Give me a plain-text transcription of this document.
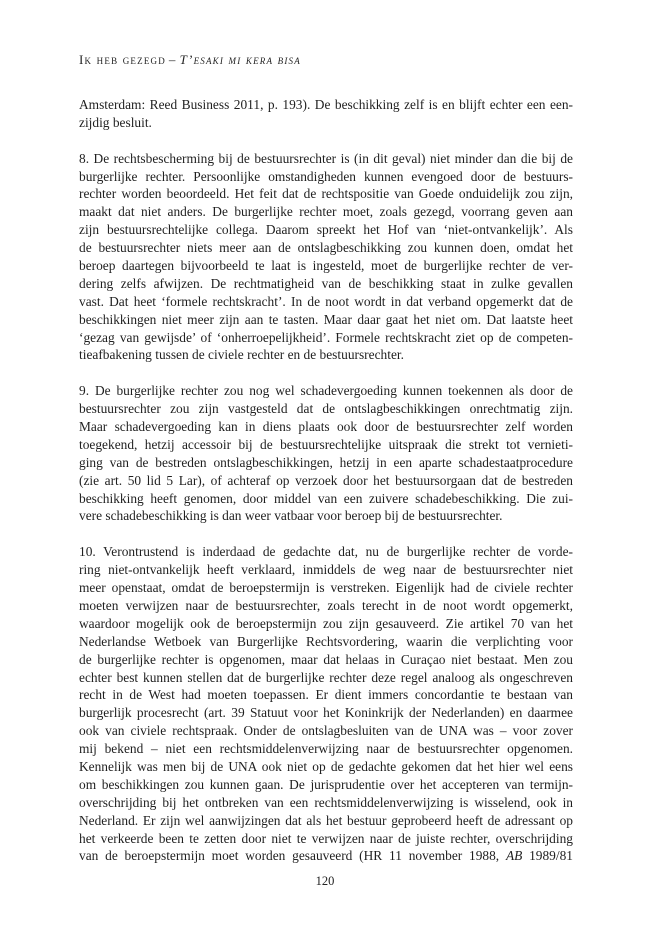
Ik heb gezegd – T’esaki mi kera bisa
Amsterdam: Reed Business 2011, p. 193). De beschikking zelf is en blijft echter een een-
zijdig besluit.
8. De rechtsbescherming bij de bestuursrechter is (in dit geval) niet minder dan die bij de
burgerlijke rechter. Persoonlijke omstandigheden kunnen evengoed door de bestuurs-
rechter worden beoordeeld. Het feit dat de rechtspositie van Goede onduidelijk zou zijn,
maakt dat niet anders. De burgerlijke rechter moet, zoals gezegd, voorrang geven aan
zijn bestuursrechtelijke collega. Daarom spreekt het Hof van ‘niet-ontvankelijk’. Als
de bestuursrechter niets meer aan de ontslagbeschikking zou kunnen doen, omdat het
beroep daartegen bijvoorbeeld te laat is ingesteld, moet de burgerlijke rechter de ver-
dering zelfs afwijzen. De rechtmatigheid van de beschikking staat in zulke gevallen
vast. Dat heet ‘formele rechtskracht’. In de noot wordt in dat verband opgemerkt dat de
beschikkingen niet meer zijn aan te tasten. Maar daar gaat het niet om. Dat laatste heet
‘gezag van gewijsde’ of ‘onherroepelijkheid’. Formele rechtskracht ziet op de competen-
tieafbakening tussen de civiele rechter en de bestuursrechter.
9. De burgerlijke rechter zou nog wel schadevergoeding kunnen toekennen als door de
bestuursrechter zou zijn vastgesteld dat de ontslagbeschikkingen onrechtmatig zijn.
Maar schadevergoeding kan in diens plaats ook door de bestuursrechter zelf worden
toegekend, hetzij accessoir bij de bestuursrechtelijke uitspraak die strekt tot vernieti-
ging van de bestreden ontslagbeschikkingen, hetzij in een aparte schadestaatprocedure
(zie art. 50 lid 5 Lar), of achteraf op verzoek door het bestuursorgaan dat de bestreden
beschikking heeft genomen, door middel van een zuivere schadebeschikking. Die zui-
vere schadebeschikking is dan weer vatbaar voor beroep bij de bestuursrechter.
10. Verontrustend is inderdaad de gedachte dat, nu de burgerlijke rechter de vorde-
ring niet-ontvankelijk heeft verklaard, inmiddels de weg naar de bestuursrechter niet
meer openstaat, omdat de beroepstermijn is verstreken. Eigenlijk had de civiele rechter
moeten verwijzen naar de bestuursrechter, zoals terecht in de noot wordt opgemerkt,
waardoor mogelijk ook de beroepstermijn zou zijn gesauveerd. Zie artikel 70 van het
Nederlandse Wetboek van Burgerlijke Rechtsvordering, waarin die verplichting voor
de burgerlijke rechter is opgenomen, maar dat helaas in Curaçao niet bestaat. Men zou
echter best kunnen stellen dat de burgerlijke rechter deze regel analoog als ongeschreven
recht in de West had moeten toepassen. Er dient immers concordantie te bestaan van
burgerlijk procesrecht (art. 39 Statuut voor het Koninkrijk der Nederlanden) en daarmee
ook van civiele rechtspraak. Onder de ontslagbesluiten van de UNA was – voor zover
mij bekend – niet een rechtsmiddelenverwijzing naar de bestuursrechter opgenomen.
Kennelijk was men bij de UNA ook niet op de gedachte gekomen dat het hier wel eens
om beschikkingen zou kunnen gaan. De jurisprudentie over het accepteren van termijn-
overschrijding bij het ontbreken van een rechtsmiddelenverwijzing is wisselend, ook in
Nederland. Er zijn wel aanwijzingen dat als het bestuur geprobeerd heeft de adressant op
het verkeerde been te zetten door niet te verwijzen naar de juiste rechter, overschrijding
van de beroepstermijn moet worden gesauveerd (HR 11 november 1988, AB 1989/81
120
